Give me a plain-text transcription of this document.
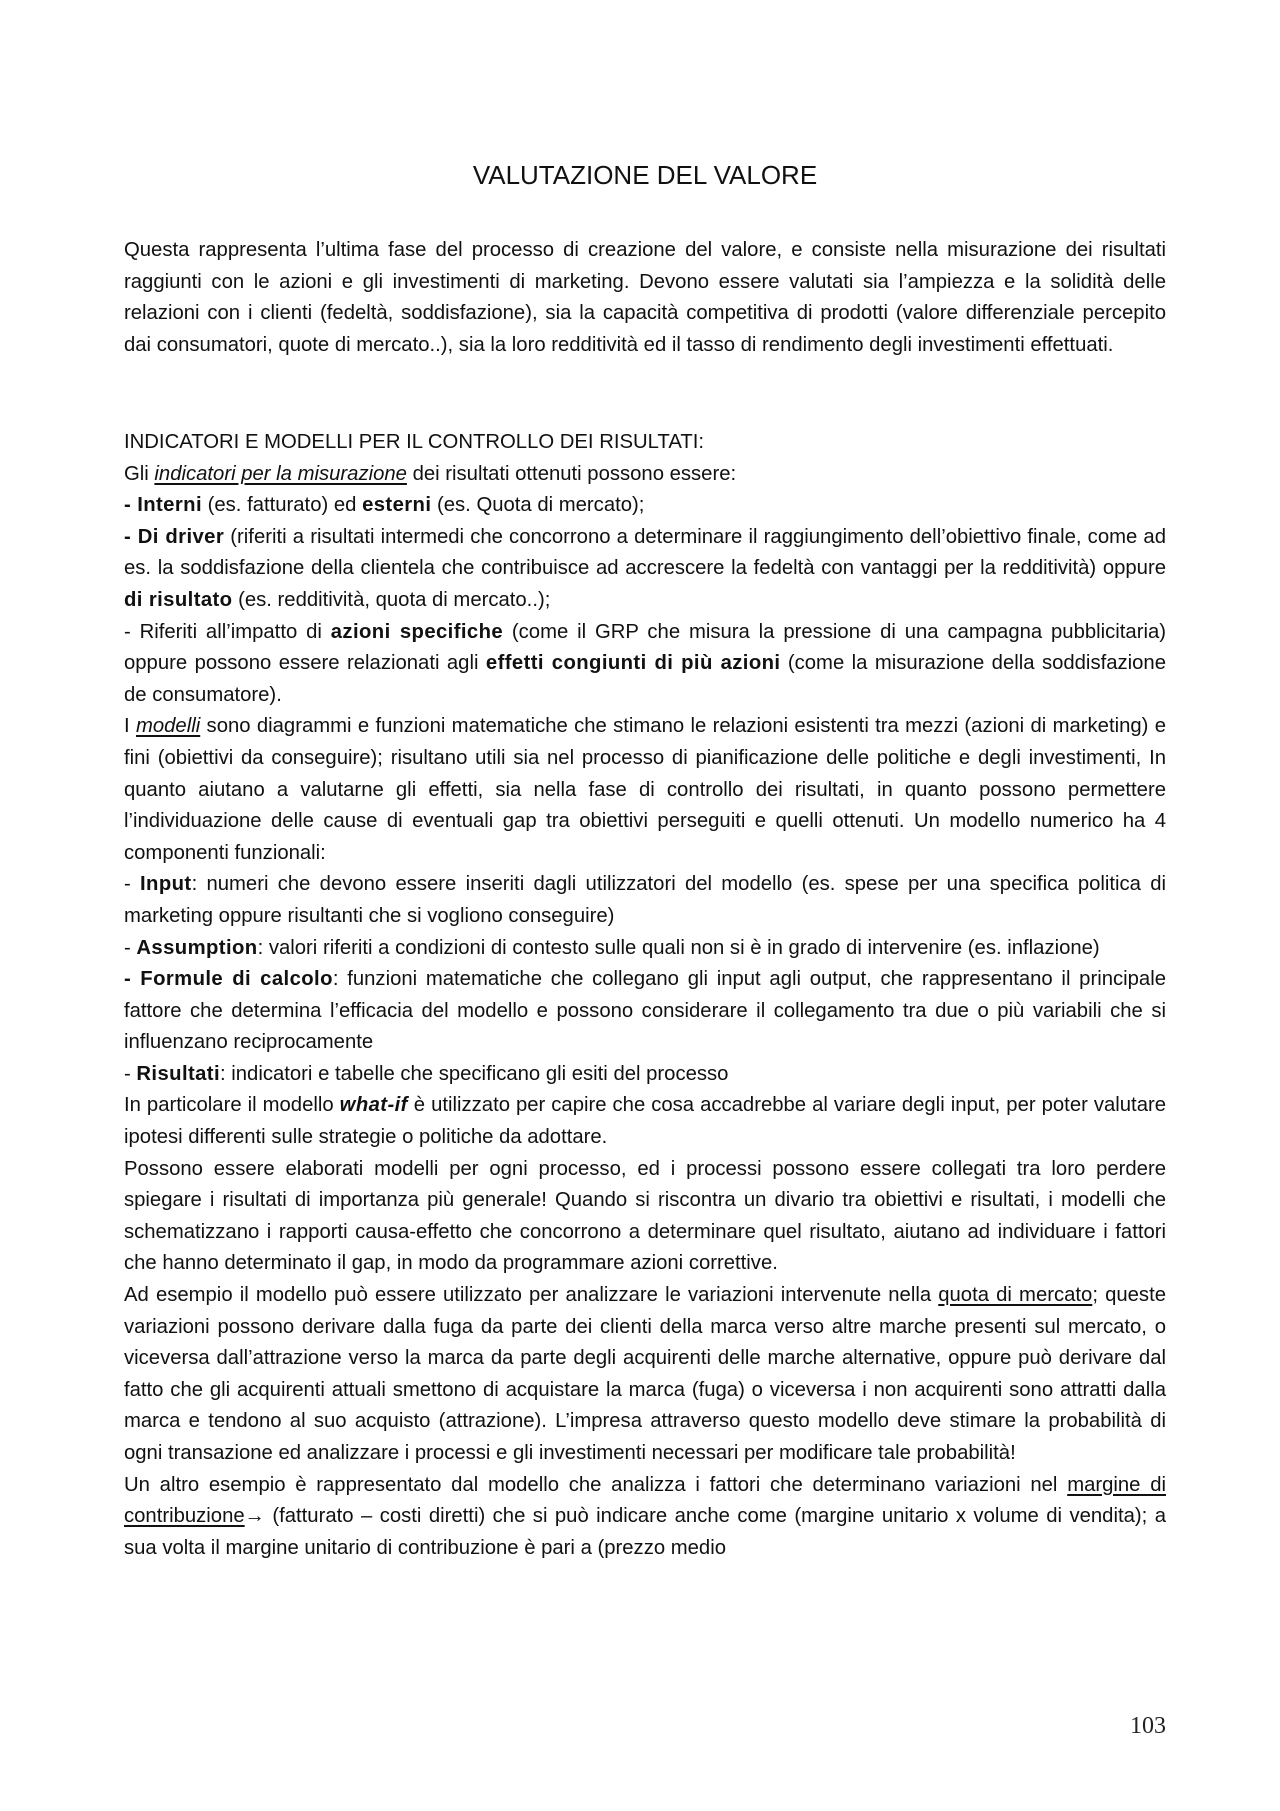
VALUTAZIONE DEL VALORE

Questa rappresenta l’ultima fase del processo di creazione del valore, e consiste nella misurazione dei risultati raggiunti con le azioni e gli investimenti di marketing. Devono essere valutati sia l’ampiezza e la solidità delle relazioni con i clienti (fedeltà, soddisfazione), sia la capacità competitiva di prodotti (valore differenziale percepito dai consumatori, quote di mercato..), sia la loro redditività ed il tasso di rendimento degli investimenti effettuati.

INDICATORI E MODELLI PER IL CONTROLLO DEI RISULTATI:

Gli indicatori per la misurazione dei risultati ottenuti possono essere:

- Interni (es. fatturato) ed esterni (es. Quota di mercato);

- Di driver (riferiti a risultati intermedi che concorrono a determinare il raggiungimento dell’obiettivo finale, come ad es. la soddisfazione della clientela che contribuisce ad accrescere la fedeltà con vantaggi per la redditività) oppure di risultato (es. redditività, quota di mercato..);

- Riferiti all’impatto di azioni specifiche (come il GRP che misura la pressione di una campagna pubblicitaria) oppure possono essere relazionati agli effetti congiunti di più azioni (come la misurazione della soddisfazione de consumatore).

I modelli sono diagrammi e funzioni matematiche che stimano le relazioni esistenti tra mezzi (azioni di marketing) e fini (obiettivi da conseguire); risultano utili sia nel processo di pianificazione delle politiche e degli investimenti, In quanto aiutano a valutarne gli effetti, sia nella fase di controllo dei risultati, in quanto possono permettere l’individuazione delle cause di eventuali gap tra obiettivi perseguiti e quelli ottenuti. Un modello numerico ha 4 componenti funzionali:

- Input: numeri che devono essere inseriti dagli utilizzatori del modello (es. spese per una specifica politica di marketing oppure risultanti che si vogliono conseguire)

- Assumption: valori riferiti a condizioni di contesto sulle quali non si è in grado di intervenire (es. inflazione)

- Formule di calcolo: funzioni matematiche che collegano gli input agli output, che rappresentano il principale fattore che determina l’efficacia del modello e possono considerare il collegamento tra due o più variabili che si influenzano reciprocamente

- Risultati: indicatori e tabelle che specificano gli esiti del processo

In particolare il modello what-if è utilizzato per capire che cosa accadrebbe al variare degli input, per poter valutare ipotesi differenti sulle strategie o politiche da adottare.

Possono essere elaborati modelli per ogni processo, ed i processi possono essere collegati tra loro perdere spiegare i risultati di importanza più generale! Quando si riscontra un divario tra obiettivi e risultati, i modelli che schematizzano i rapporti causa-effetto che concorrono a determinare quel risultato, aiutano ad individuare i fattori che hanno determinato il gap, in modo da programmare azioni correttive.

Ad esempio il modello può essere utilizzato per analizzare le variazioni intervenute nella quota di mercato; queste variazioni possono derivare dalla fuga da parte dei clienti della marca verso altre marche presenti sul mercato, o viceversa dall’attrazione verso la marca da parte degli acquirenti delle marche alternative, oppure può derivare dal fatto che gli acquirenti attuali smettono di acquistare la marca (fuga) o viceversa i non acquirenti sono attratti dalla marca e tendono al suo acquisto (attrazione). L’impresa attraverso questo modello deve stimare la probabilità di ogni transazione ed analizzare i processi e gli investimenti necessari per modificare tale probabilità!

Un altro esempio è rappresentato dal modello che analizza i fattori che determinano variazioni nel margine di contribuzione→ (fatturato – costi diretti) che si può indicare anche come (margine unitario x volume di vendita); a sua volta il margine unitario di contribuzione è pari a (prezzo medio

103
